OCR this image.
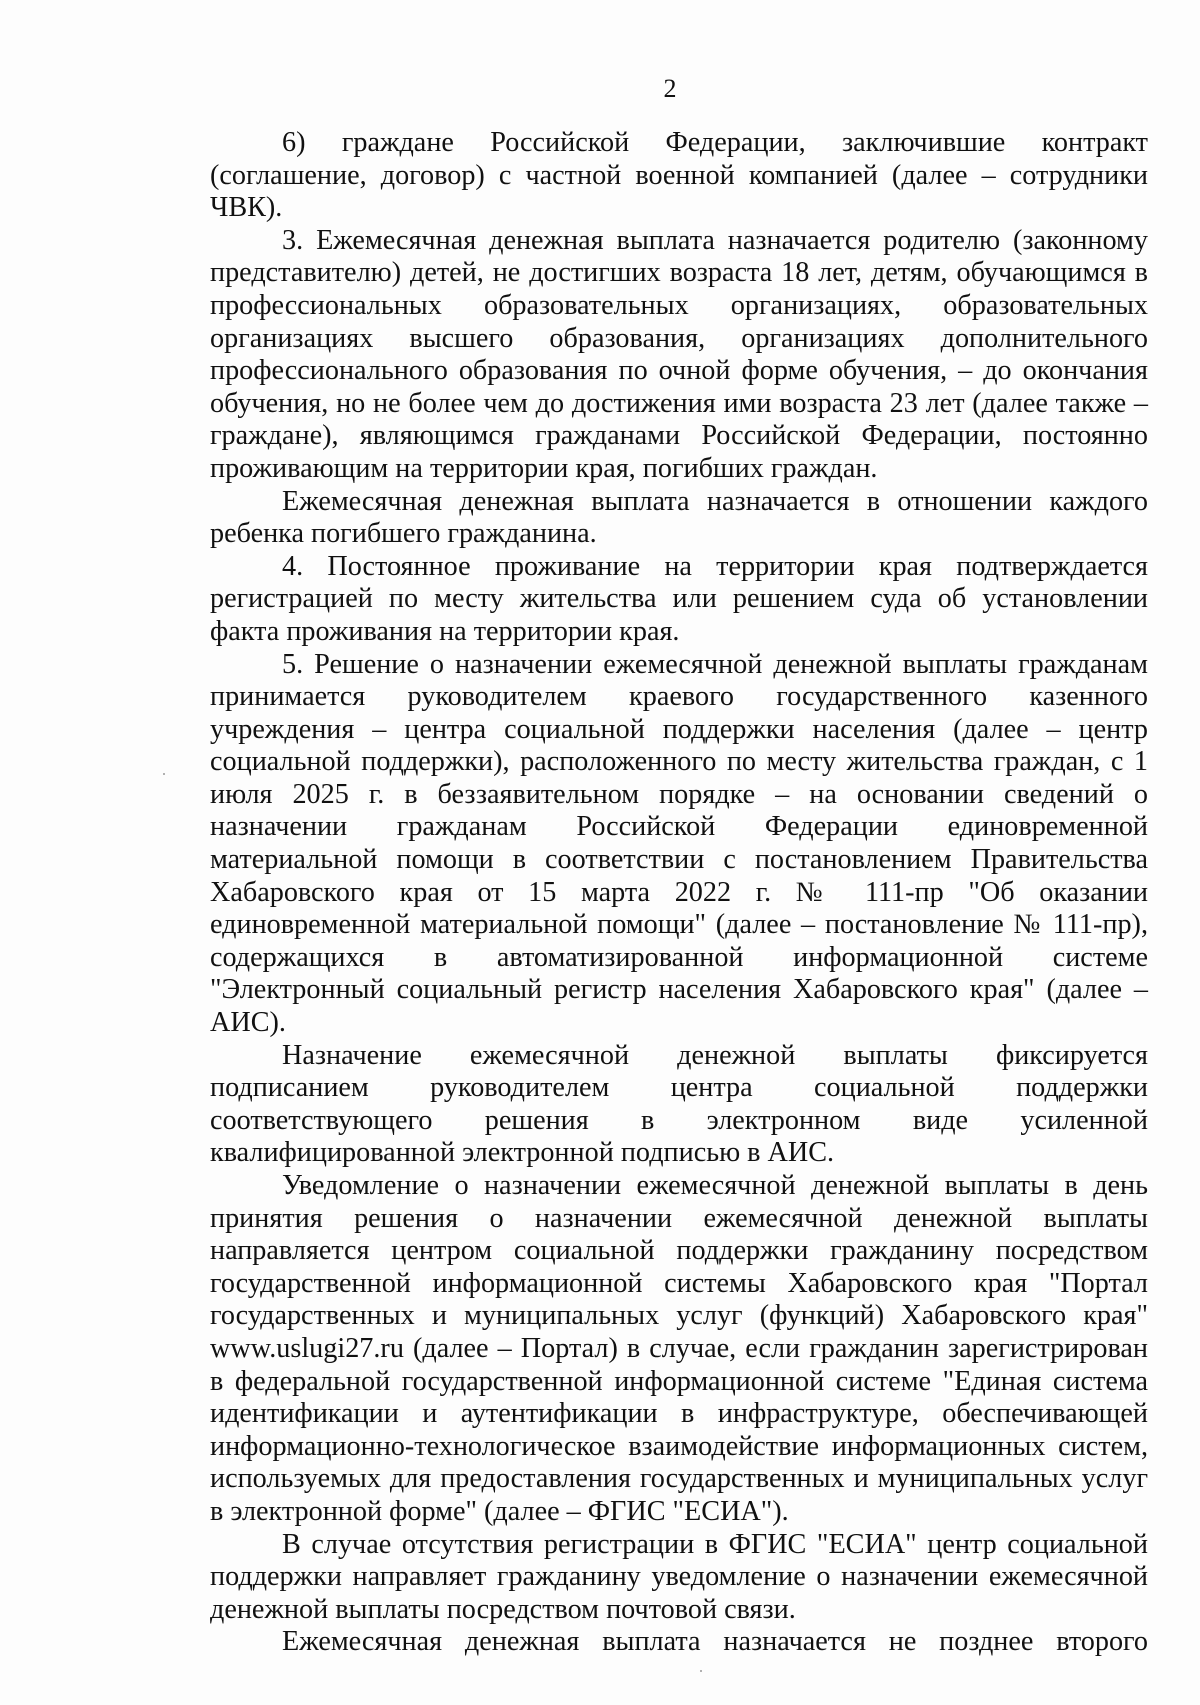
2

6) граждане Российской Федерации, заключившие контракт (соглашение, договор) с частной военной компанией (далее – сотрудники ЧВК).

3. Ежемесячная денежная выплата назначается родителю (законному представителю) детей, не достигших возраста 18 лет, детям, обучающимся в профессиональных образовательных организациях, образовательных организациях высшего образования, организациях дополнительного профессионального образования по очной форме обучения, – до окончания обучения, но не более чем до достижения ими возраста 23 лет (далее также – граждане), являющимся гражданами Российской Федерации, постоянно проживающим на территории края, погибших граждан.

Ежемесячная денежная выплата назначается в отношении каждого ребенка погибшего гражданина.

4. Постоянное проживание на территории края подтверждается регистрацией по месту жительства или решением суда об установлении факта проживания на территории края.

5. Решение о назначении ежемесячной денежной выплаты гражданам принимается руководителем краевого государственного казенного учреждения – центра социальной поддержки населения (далее – центр социальной поддержки), расположенного по месту жительства граждан, с 1 июля 2025 г. в беззаявительном порядке – на основании сведений о назначении гражданам Российской Федерации единовременной материальной помощи в соответствии с постановлением Правительства Хабаровского края от 15 марта 2022 г. № 111-пр "Об оказании единовременной материальной помощи" (далее – постановление № 111-пр), содержащихся в автоматизированной информационной системе "Электронный социальный регистр населения Хабаровского края" (далее – АИС).

Назначение ежемесячной денежной выплаты фиксируется подписанием руководителем центра социальной поддержки соответствующего решения в электронном виде усиленной квалифицированной электронной подписью в АИС.

Уведомление о назначении ежемесячной денежной выплаты в день принятия решения о назначении ежемесячной денежной выплаты направляется центром социальной поддержки гражданину посредством государственной информационной системы Хабаровского края "Портал государственных и муниципальных услуг (функций) Хабаровского края" www.uslugi27.ru (далее – Портал) в случае, если гражданин зарегистрирован в федеральной государственной информационной системе "Единая система идентификации и аутентификации в инфраструктуре, обеспечивающей информационно-технологическое взаимодействие информационных систем, используемых для предоставления государственных и муниципальных услуг в электронной форме" (далее – ФГИС "ЕСИА").

В случае отсутствия регистрации в ФГИС "ЕСИА" центр социальной поддержки направляет гражданину уведомление о назначении ежемесячной денежной выплаты посредством почтовой связи.

Ежемесячная денежная выплата назначается не позднее второго
